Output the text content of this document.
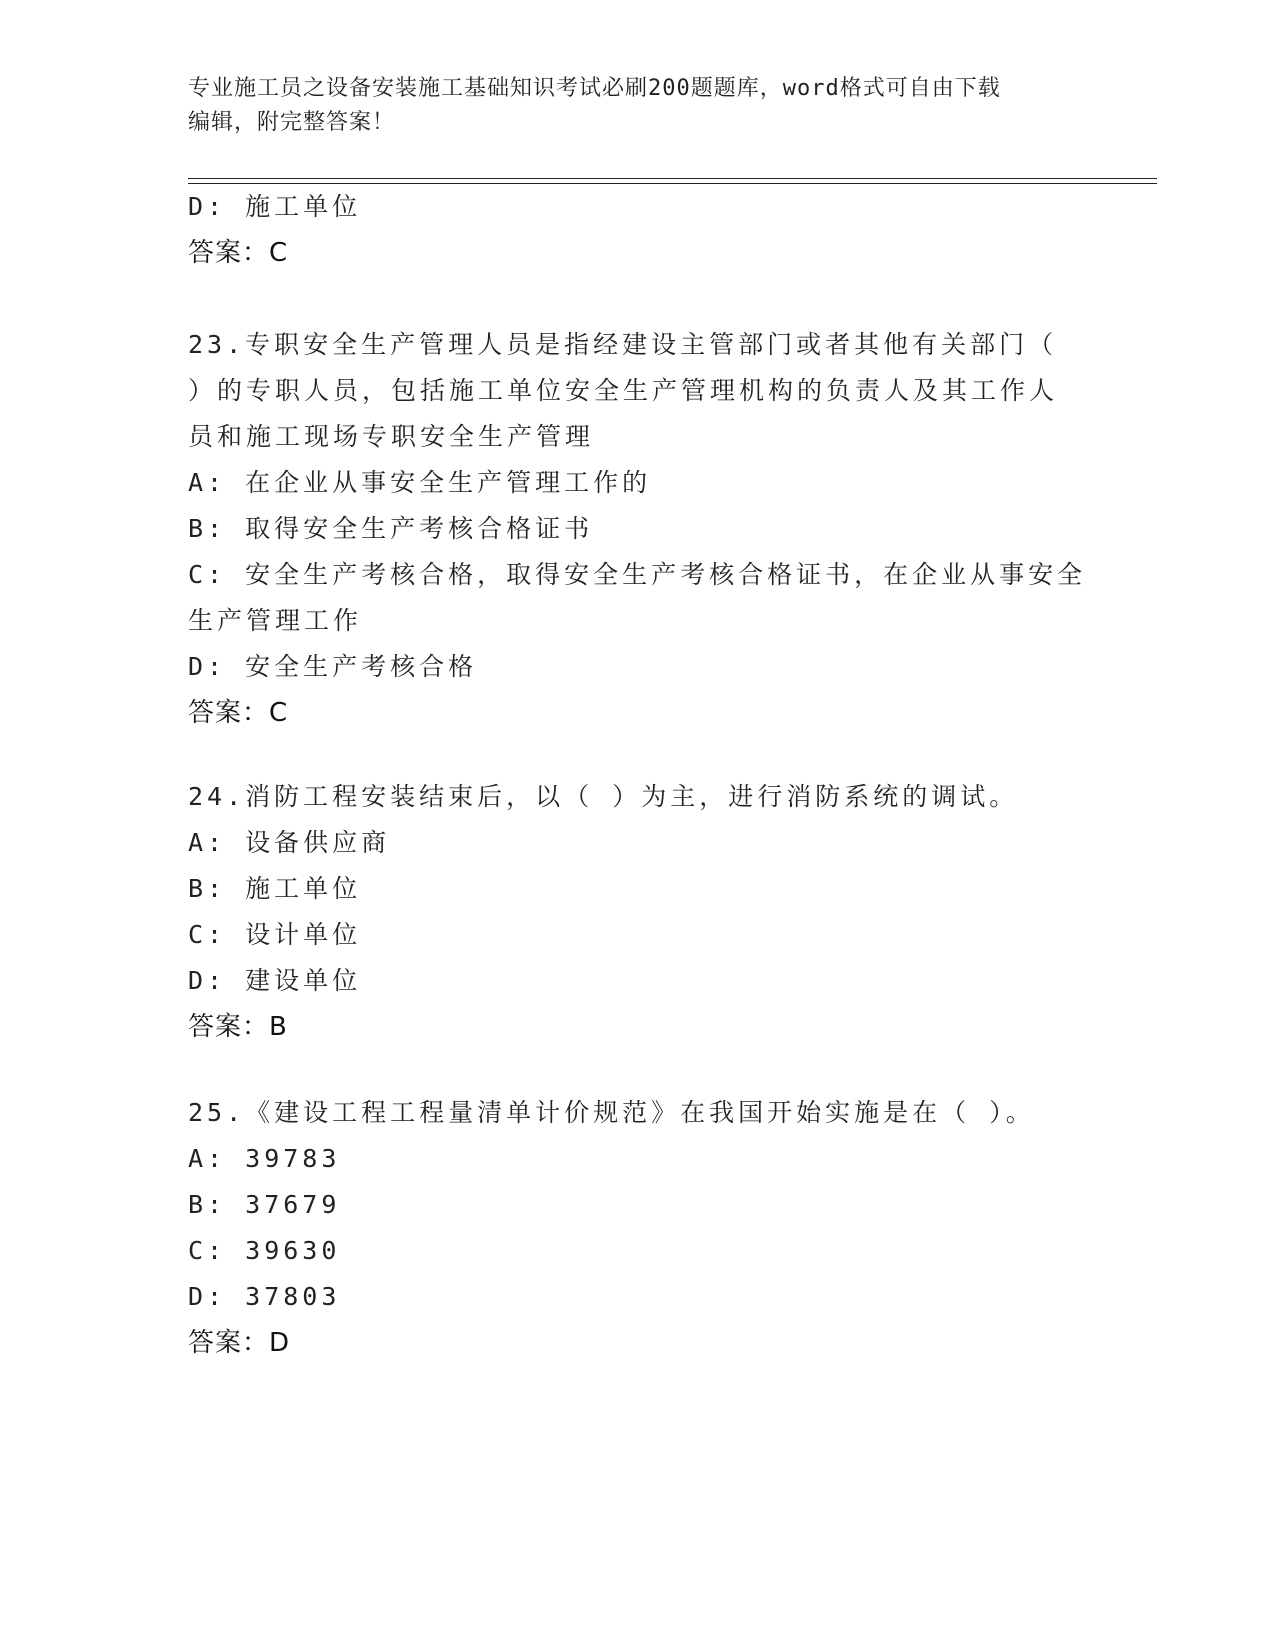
专业施工员之设备安装施工基础知识考试必刷200题题库，word格式可自由下载
编辑，附完整答案！
D: 施工单位
答案：C
23.专职安全生产管理人员是指经建设主管部门或者其他有关部门（
）的专职人员，包括施工单位安全生产管理机构的负责人及其工作人
员和施工现场专职安全生产管理
A: 在企业从事安全生产管理工作的
B: 取得安全生产考核合格证书
C: 安全生产考核合格，取得安全生产考核合格证书，在企业从事安全
生产管理工作
D: 安全生产考核合格
答案：C
24.消防工程安装结束后，以（ ）为主，进行消防系统的调试。
A: 设备供应商
B: 施工单位
C: 设计单位
D: 建设单位
答案：B
25.《建设工程工程量清单计价规范》在我国开始实施是在（ ）。
A: 39783
B: 37679
C: 39630
D: 37803
答案：D
